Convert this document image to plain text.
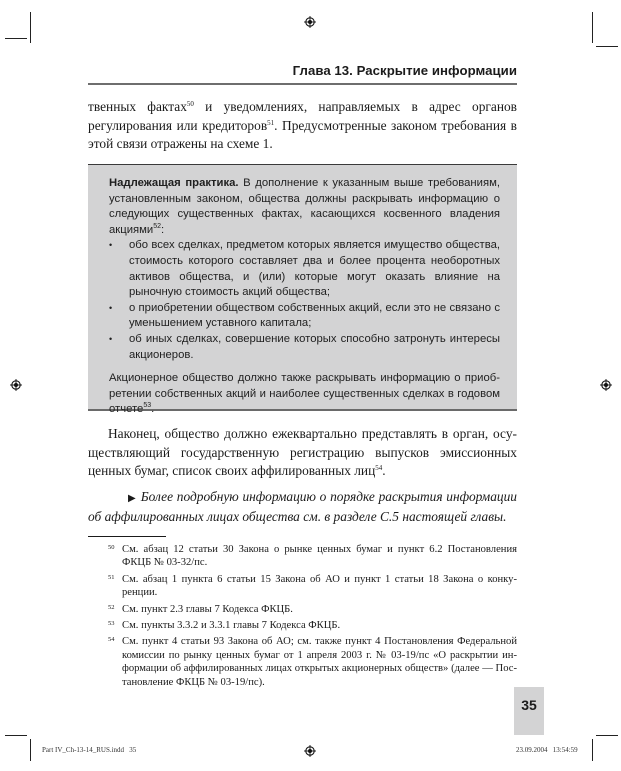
Глава 13. Раскрытие информации
твенных фактах$^{50}$ и уведомлениях, направляемых в адрес органов регулирования или кредиторов$^{51}$. Предусмотренные законом требования в этой связи отражены на схеме 1.
Надлежащая практика. В дополнение к указанным выше требованиям, установленным законом, общества должны раскрывать информацию о следующих существенных фактах, касающихся косвенного владения акциями$^{52}$:
•	обо всех сделках, предметом которых является имущество общества, стоимость которого составляет два и более процента необоротных активов общества, и (или) которые могут оказать влияние на рыночную стоимость акций общества;
•	о приобретении обществом собственных акций, если это не связано с уменьшением уставного капитала;
•	об иных сделках, совершение которых способно затронуть интересы акционеров.
Акционерное общество должно также раскрывать информацию о приобретении собственных акций и наиболее существенных сделках в годовом отчете$^{53}$.

Наконец, общество должно ежеквартально представлять в орган, осуществляющий государственную регистрацию выпусков эмиссионных ценных бумаг, список своих аффилированных лиц$^{54}$.

▶ Более подробную информацию о порядке раскрытия информации об аффилированных лицах общества см. в разделе C.5 настоящей главы.

50 См. абзац 12 статьи 30 Закона о рынке ценных бумаг и пункт 6.2 Постановления ФКЦБ № 03-32/пс.
51 См. абзац 1 пункта 6 статьи 15 Закона об АО и пункт 1 статьи 18 Закона о конкуренции.
52 См. пункт 2.3 главы 7 Кодекса ФКЦБ.
53 См. пункты 3.3.2 и 3.3.1 главы 7 Кодекса ФКЦБ.
54 См. пункт 4 статьи 93 Закона об АО; см. также пункт 4 Постановления Федеральной комиссии по рынку ценных бумаг от 1 апреля 2003 г. № 03-19/пс «О раскрытии информации об аффилированных лицах открытых акционерных обществ» (далее — Постановление ФКЦБ № 03-19/пс).
35
Part IV_Ch-13-14_RUS.indd   35	23.09.2004   13:54:59
